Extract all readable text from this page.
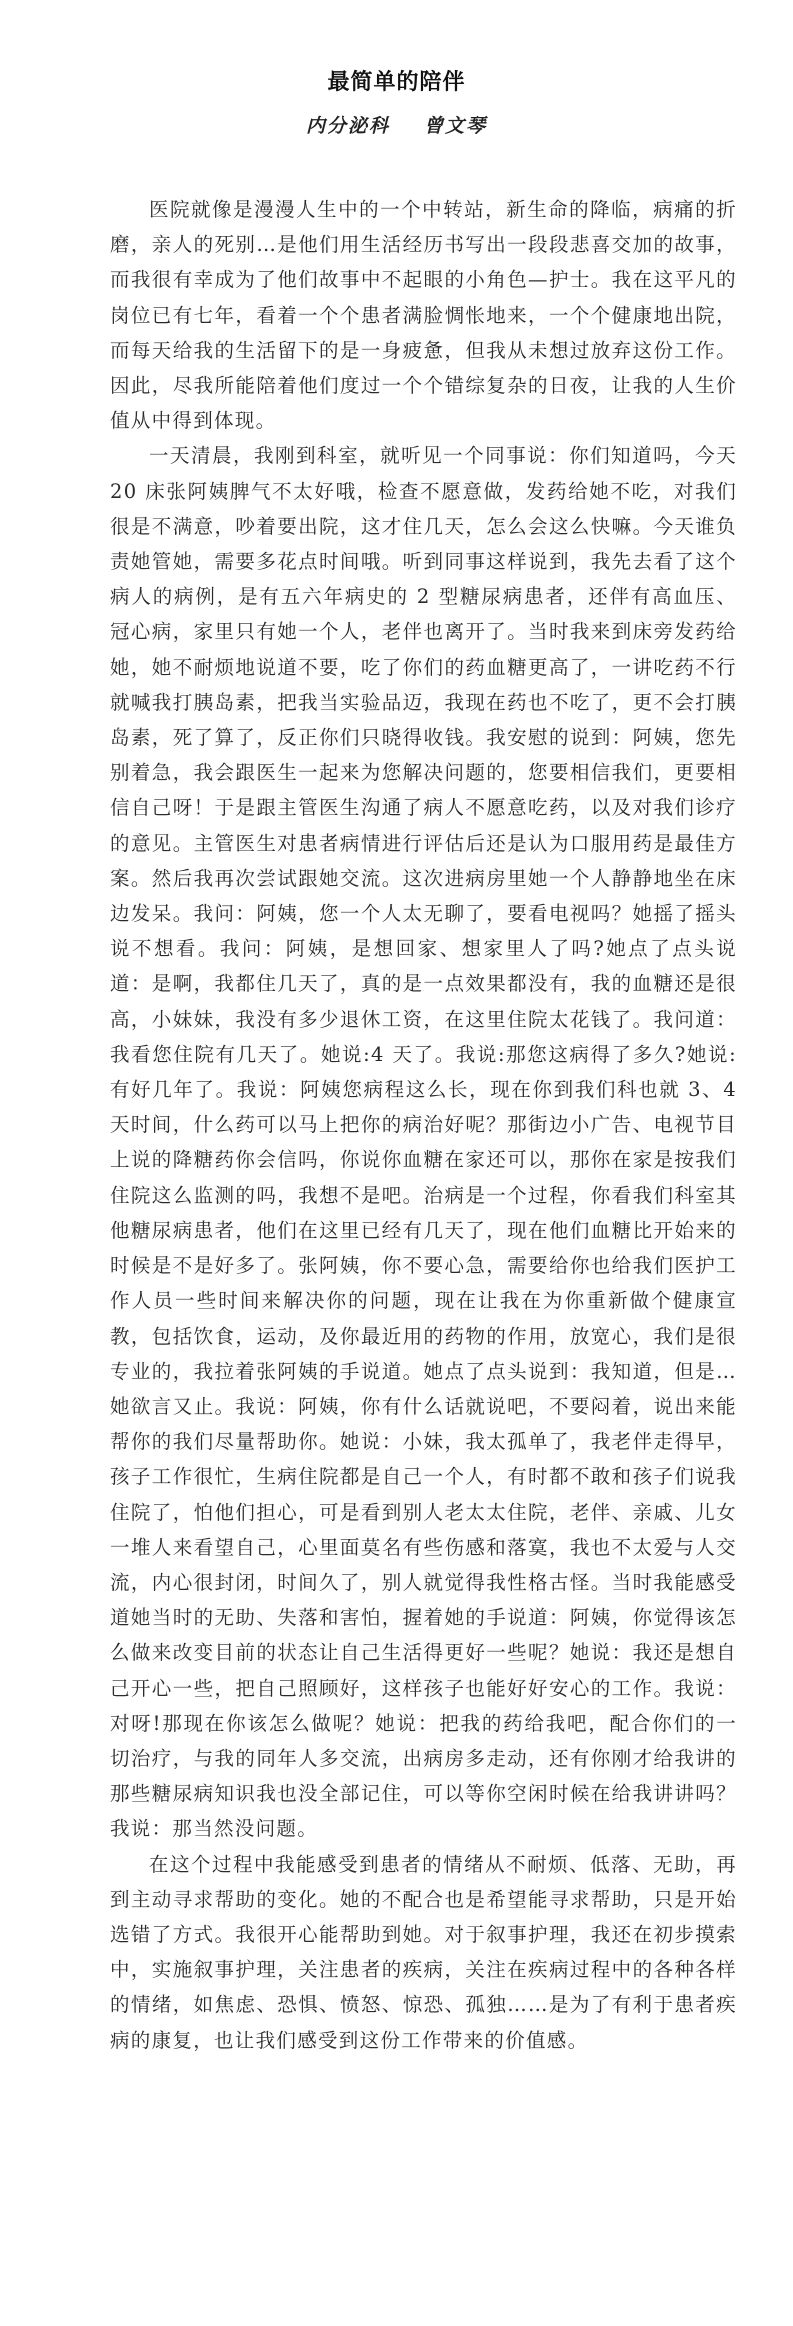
最简单的陪伴
内分泌科 曾文琴

医院就像是漫漫人生中的一个中转站，新生命的降临，病痛的折磨，亲人的死别…是他们用生活经历书写出一段段悲喜交加的故事，而我很有幸成为了他们故事中不起眼的小角色—护士。我在这平凡的岗位已有七年，看着一个个患者满脸惆怅地来，一个个健康地出院，而每天给我的生活留下的是一身疲惫，但我从未想过放弃这份工作。因此，尽我所能陪着他们度过一个个错综复杂的日夜，让我的人生价值从中得到体现。

一天清晨，我刚到科室，就听见一个同事说：你们知道吗，今天 20 床张阿姨脾气不太好哦，检查不愿意做，发药给她不吃，对我们很是不满意，吵着要出院，这才住几天，怎么会这么快嘛。今天谁负责她管她，需要多花点时间哦。听到同事这样说到，我先去看了这个病人的病例，是有五六年病史的 2 型糖尿病患者，还伴有高血压、冠心病，家里只有她一个人，老伴也离开了。当时我来到床旁发药给她，她不耐烦地说道不要，吃了你们的药血糖更高了，一讲吃药不行就喊我打胰岛素，把我当实验品迈，我现在药也不吃了，更不会打胰岛素，死了算了，反正你们只晓得收钱。我安慰的说到：阿姨，您先别着急，我会跟医生一起来为您解决问题的，您要相信我们，更要相信自己呀！于是跟主管医生沟通了病人不愿意吃药，以及对我们诊疗的意见。主管医生对患者病情进行评估后还是认为口服用药是最佳方案。然后我再次尝试跟她交流。这次进病房里她一个人静静地坐在床边发呆。我问：阿姨，您一个人太无聊了，要看电视吗？她摇了摇头说不想看。我问：阿姨，是想回家、想家里人了吗?她点了点头说道：是啊，我都住几天了，真的是一点效果都没有，我的血糖还是很高，小妹妹，我没有多少退休工资，在这里住院太花钱了。我问道：我看您住院有几天了。她说:4 天了。我说:那您这病得了多久?她说:有好几年了。我说：阿姨您病程这么长，现在你到我们科也就 3、4 天时间，什么药可以马上把你的病治好呢？那街边小广告、电视节目上说的降糖药你会信吗，你说你血糖在家还可以，那你在家是按我们住院这么监测的吗，我想不是吧。治病是一个过程，你看我们科室其他糖尿病患者，他们在这里已经有几天了，现在他们血糖比开始来的时候是不是好多了。张阿姨，你不要心急，需要给你也给我们医护工作人员一些时间来解决你的问题，现在让我在为你重新做个健康宣教，包括饮食，运动，及你最近用的药物的作用，放宽心，我们是很专业的，我拉着张阿姨的手说道。她点了点头说到：我知道，但是…她欲言又止。我说：阿姨，你有什么话就说吧，不要闷着，说出来能帮你的我们尽量帮助你。她说：小妹，我太孤单了，我老伴走得早，孩子工作很忙，生病住院都是自己一个人，有时都不敢和孩子们说我住院了，怕他们担心，可是看到别人老太太住院，老伴、亲戚、儿女一堆人来看望自己，心里面莫名有些伤感和落寞，我也不太爱与人交流，内心很封闭，时间久了，别人就觉得我性格古怪。当时我能感受道她当时的无助、失落和害怕，握着她的手说道：阿姨，你觉得该怎么做来改变目前的状态让自己生活得更好一些呢？她说：我还是想自己开心一些，把自己照顾好，这样孩子也能好好安心的工作。我说：对呀!那现在你该怎么做呢？她说：把我的药给我吧，配合你们的一切治疗，与我的同年人多交流，出病房多走动，还有你刚才给我讲的那些糖尿病知识我也没全部记住，可以等你空闲时候在给我讲讲吗？我说：那当然没问题。

在这个过程中我能感受到患者的情绪从不耐烦、低落、无助，再到主动寻求帮助的变化。她的不配合也是希望能寻求帮助，只是开始选错了方式。我很开心能帮助到她。对于叙事护理，我还在初步摸索中，实施叙事护理，关注患者的疾病，关注在疾病过程中的各种各样的情绪，如焦虑、恐惧、愤怒、惊恐、孤独……是为了有利于患者疾病的康复，也让我们感受到这份工作带来的价值感。
